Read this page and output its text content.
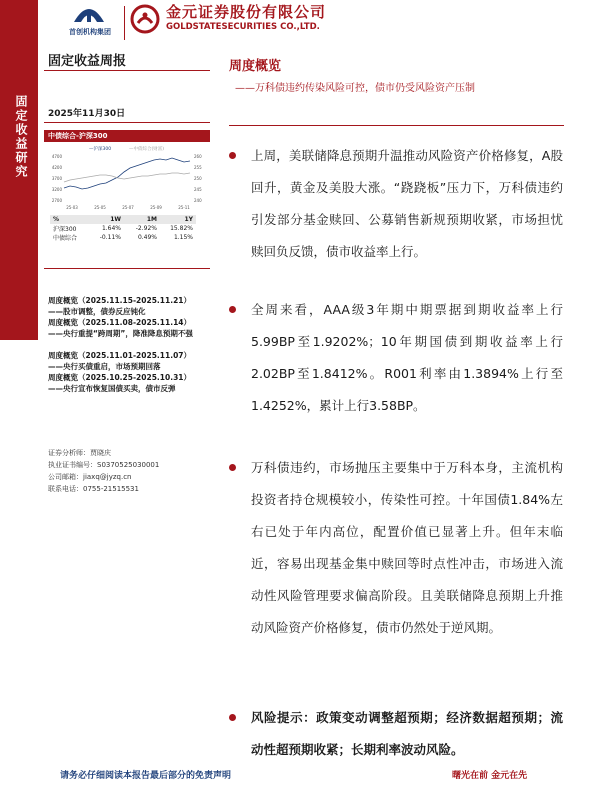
固定收益研究
首创机构集团
金元证券股份有限公司
GOLDSTATESECURITIES CO.,LTD.
固定收益周报
2025年11月30日
中债综合-沪深300
—沪深300	—中债综合(财富)
4700
4200
3700
3200
2700
260
255
250
245
240
25-03	25-05	25-07	25-09	25-11
%	1W	1M	1Y
沪深300	1.64%	-2.92%	15.82%
中债综合	-0.11%	0.49%	1.15%
周度概览（2025.11.15-2025.11.21）
——股市调整，债券反应钝化
周度概览（2025.11.08-2025.11.14）
——央行重提“跨周期”，降准降息预期不强
周度概览（2025.11.01-2025.11.07）
——央行买债重启，市场预期回落
周度概览（2025.10.25-2025.10.31）
——央行宣布恢复国债买卖，债市反弹
证券分析师：贾晓庆
执业证书编号：S0370525030001
公司邮箱：jiaxq@jyzq.cn
联系电话：0755-21515531
周度概览
——万科债违约传染风险可控，债市仍受风险资产压制
上周，美联储降息预期升温推动风险资产价格修复，A股回升，黄金及美股大涨。“跷跷板”压力下，万科债违约引发部分基金赎回、公募销售新规预期收紧，市场担忧赎回负反馈，债市收益率上行。
全周来看，AAA级3年期中期票据到期收益率上行5.99BP至1.9202%；10年期国债到期收益率上行2.02BP至1.8412%。R001利率由1.3894%上行至1.4252%，累计上行3.58BP。
万科债违约，市场抛压主要集中于万科本身，主流机构投资者持仓规模较小，传染性可控。十年国债1.84%左右已处于年内高位，配置价值已显著上升。但年末临近，容易出现基金集中赎回等时点性冲击，市场进入流动性风险管理要求偏高阶段。且美联储降息预期上升推动风险资产价格修复，债市仍然处于逆风期。
风险提示：政策变动调整超预期；经济数据超预期；流动性超预期收紧；长期利率波动风险。
请务必仔细阅读本报告最后部分的免责声明	曙光在前 金元在先
